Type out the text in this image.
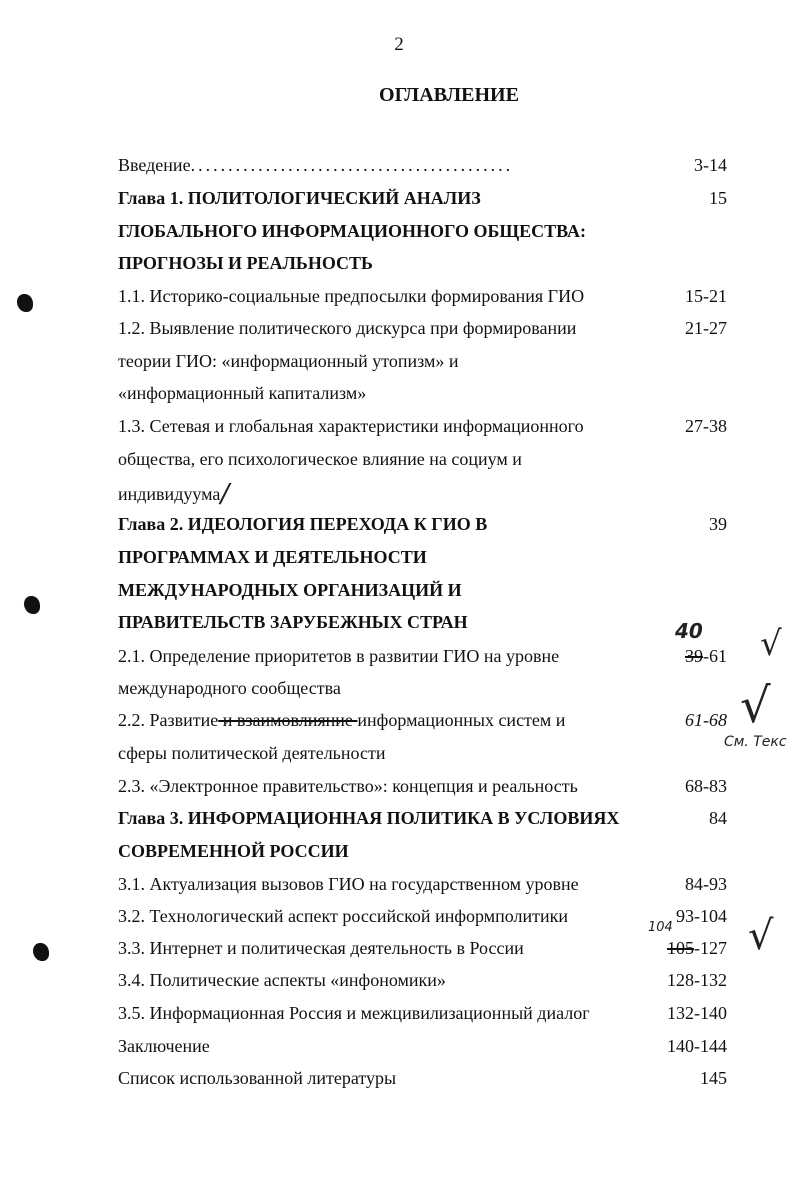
2
ОГЛАВЛЕНИЕ
Введение...........................................	3-14
Глава 1. ПОЛИТОЛОГИЧЕСКИЙ АНАЛИЗ	15
ГЛОБАЛЬНОГО ИНФОРМАЦИОННОГО ОБЩЕСТВА:
ПРОГНОЗЫ И РЕАЛЬНОСТЬ
1.1. Историко-социальные предпосылки формирования ГИО	15-21
1.2. Выявление политического дискурса при формировании	21-27
теории ГИО: «информационный утопизм» и
«информационный капитализм»
1.3. Сетевая и глобальная характеристики информационного	27-38
общества, его психологическое влияние на социум и
индивидуума/
Глава 2. ИДЕОЛОГИЯ ПЕРЕХОДА К ГИО В	39
ПРОГРАММАХ И ДЕЯТЕЛЬНОСТИ
МЕЖДУНАРОДНЫХ ОРГАНИЗАЦИЙ И
ПРАВИТЕЛЬСТВ ЗАРУБЕЖНЫХ СТРАН
2.1. Определение приоритетов в развитии ГИО на уровне	39-61
40 √
международного сообщества
2.2. Развитие и взаимовлияние информационных систем и	61-68 √
См. Текс
сферы политической деятельности
2.3. «Электронное правительство»: концепция и реальность	68-83
Глава 3. ИНФОРМАЦИОННАЯ ПОЛИТИКА В УСЛОВИЯХ	84
СОВРЕМЕННОЙ РОССИИ
3.1. Актуализация вызовов ГИО на государственном уровне	84-93
3.2. Технологический аспект российской информполитики	93-104
3.3. Интернет и политическая деятельность в России	105-127
104 √
3.4. Политические аспекты «инфономики»	128-132
3.5. Информационная Россия и межцивилизационный диалог	132-140
Заключение	140-144
Список использованной литературы	145
